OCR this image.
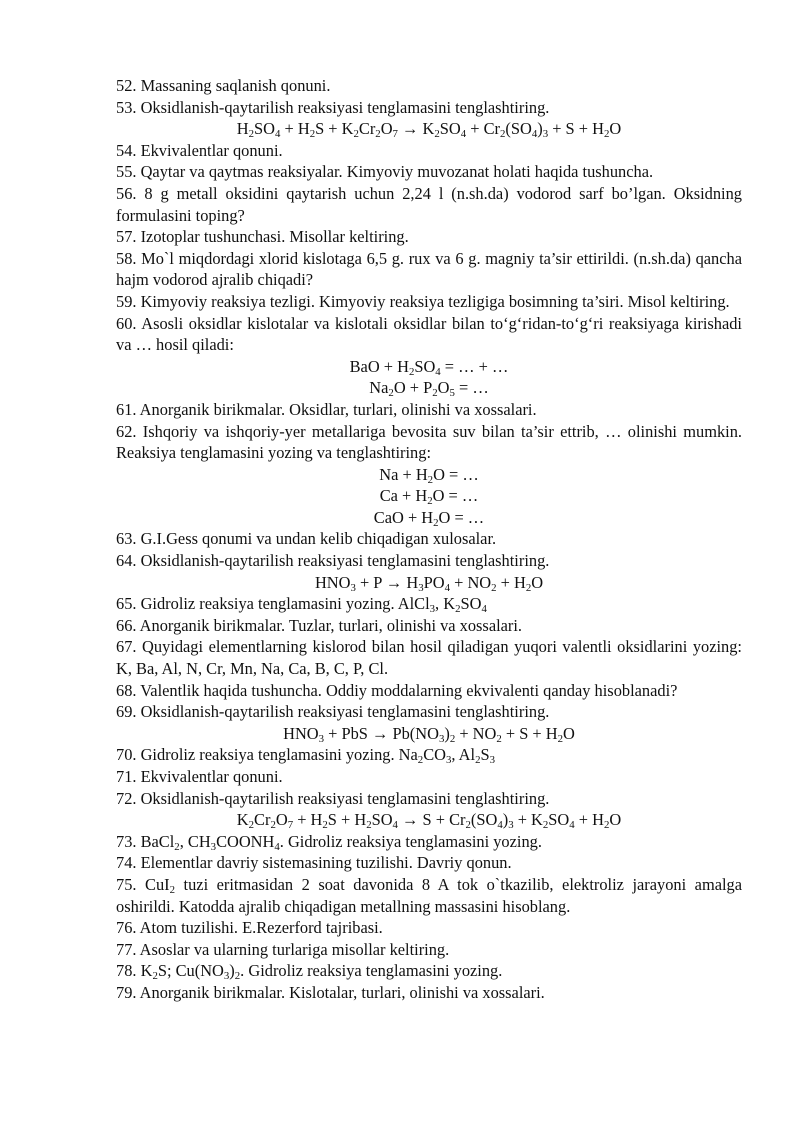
52. Massaning saqlanish qonuni.

53. Oksidlanish-qaytarilish reaksiyasi tenglamasini tenglashtiring.

$H_2SO_4 + H_2S + K_2Cr_2O_7 \to K_2SO_4 + Cr_2(SO_4)_3 + S + H_2O$

54. Ekvivalentlar qonuni.

55. Qaytar va qaytmas reaksiyalar. Kimyoviy muvozanat holati haqida tushuncha.

56. 8 g metall oksidini qaytarish uchun 2,24 l (n.sh.da) vodorod sarf bo’lgan. Oksidning formulasini toping?

57. Izotoplar tushunchasi. Misollar keltiring.

58. Mo`l miqdordagi xlorid kislotaga 6,5 g. rux va 6 g. magniy ta’sir ettirildi. (n.sh.da) qancha hajm vodorod ajralib chiqadi?

59. Kimyoviy reaksiya tezligi. Kimyoviy reaksiya tezligiga bosimning ta’siri. Misol keltiring.

60. Asosli oksidlar kislotalar va kislotali oksidlar bilan to‘g‘ridan-to‘g‘ri reaksiyaga kirishadi va … hosil qiladi:

BaO + $H_2SO_4$ = … + …

$Na_2O + P_2O_5$ = …

61. Anorganik birikmalar. Oksidlar, turlari, olinishi va xossalari.

62. Ishqoriy va ishqoriy-yer metallariga bevosita suv bilan ta’sir ettrib, … olinishi mumkin. Reaksiya tenglamasini yozing va tenglashtiring:

$Na + H_2O$ = …

$Ca + H_2O$ = …

CaO + $H_2O$ = …

63. G.I.Gess qonumi va undan kelib chiqadigan xulosalar.

64. Oksidlanish-qaytarilish reaksiyasi tenglamasini tenglashtiring.

$HNO_3 + P \to H_3PO_4 + NO_2 + H_2O$

65. Gidroliz reaksiya tenglamasini yozing. AlCl$_3$, $K_2SO_4$

66. Anorganik birikmalar. Tuzlar, turlari, olinishi va xossalari.

67. Quyidagi elementlarning kislorod bilan hosil qiladigan yuqori valentli oksidlarini yozing: K, Ba, Al, N, Cr, Mn, Na, Ca, B, C, P, Cl.

68. Valentlik haqida tushuncha. Oddiy moddalarning ekvivalenti qanday hisoblanadi?

69. Oksidlanish-qaytarilish reaksiyasi tenglamasini tenglashtiring.

$HNO_3$ + PbS → $Pb(NO_3)_2 + NO_2 + S + H_2O$

70. Gidroliz reaksiya tenglamasini yozing. $Na_2CO_3$, $Al_2S_3$

71. Ekvivalentlar qonuni.

72. Oksidlanish-qaytarilish reaksiyasi tenglamasini tenglashtiring.

$K_2Cr_2O_7 + H_2S + H_2SO_4 \to S + Cr_2(SO_4)_3 + K_2SO_4 + H_2O$

73. BaCl$_2$, $CH_3COONH_4$. Gidroliz reaksiya tenglamasini yozing.

74. Elementlar davriy sistemasining tuzilishi. Davriy qonun.

75. CuI$_2$ tuzi eritmasidan 2 soat davonida 8 A tok o`tkazilib, elektroliz jarayoni amalga oshirildi. Katodda ajralib chiqadigan metallning massasini hisoblang.

76. Atom tuzilishi. E.Rezerford tajribasi.

77. Asoslar va ularning turlariga misollar keltiring.

78. $K_2S$; $Cu(NO_3)_2$. Gidroliz reaksiya tenglamasini yozing.

79. Anorganik birikmalar. Kislotalar, turlari, olinishi va xossalari.
